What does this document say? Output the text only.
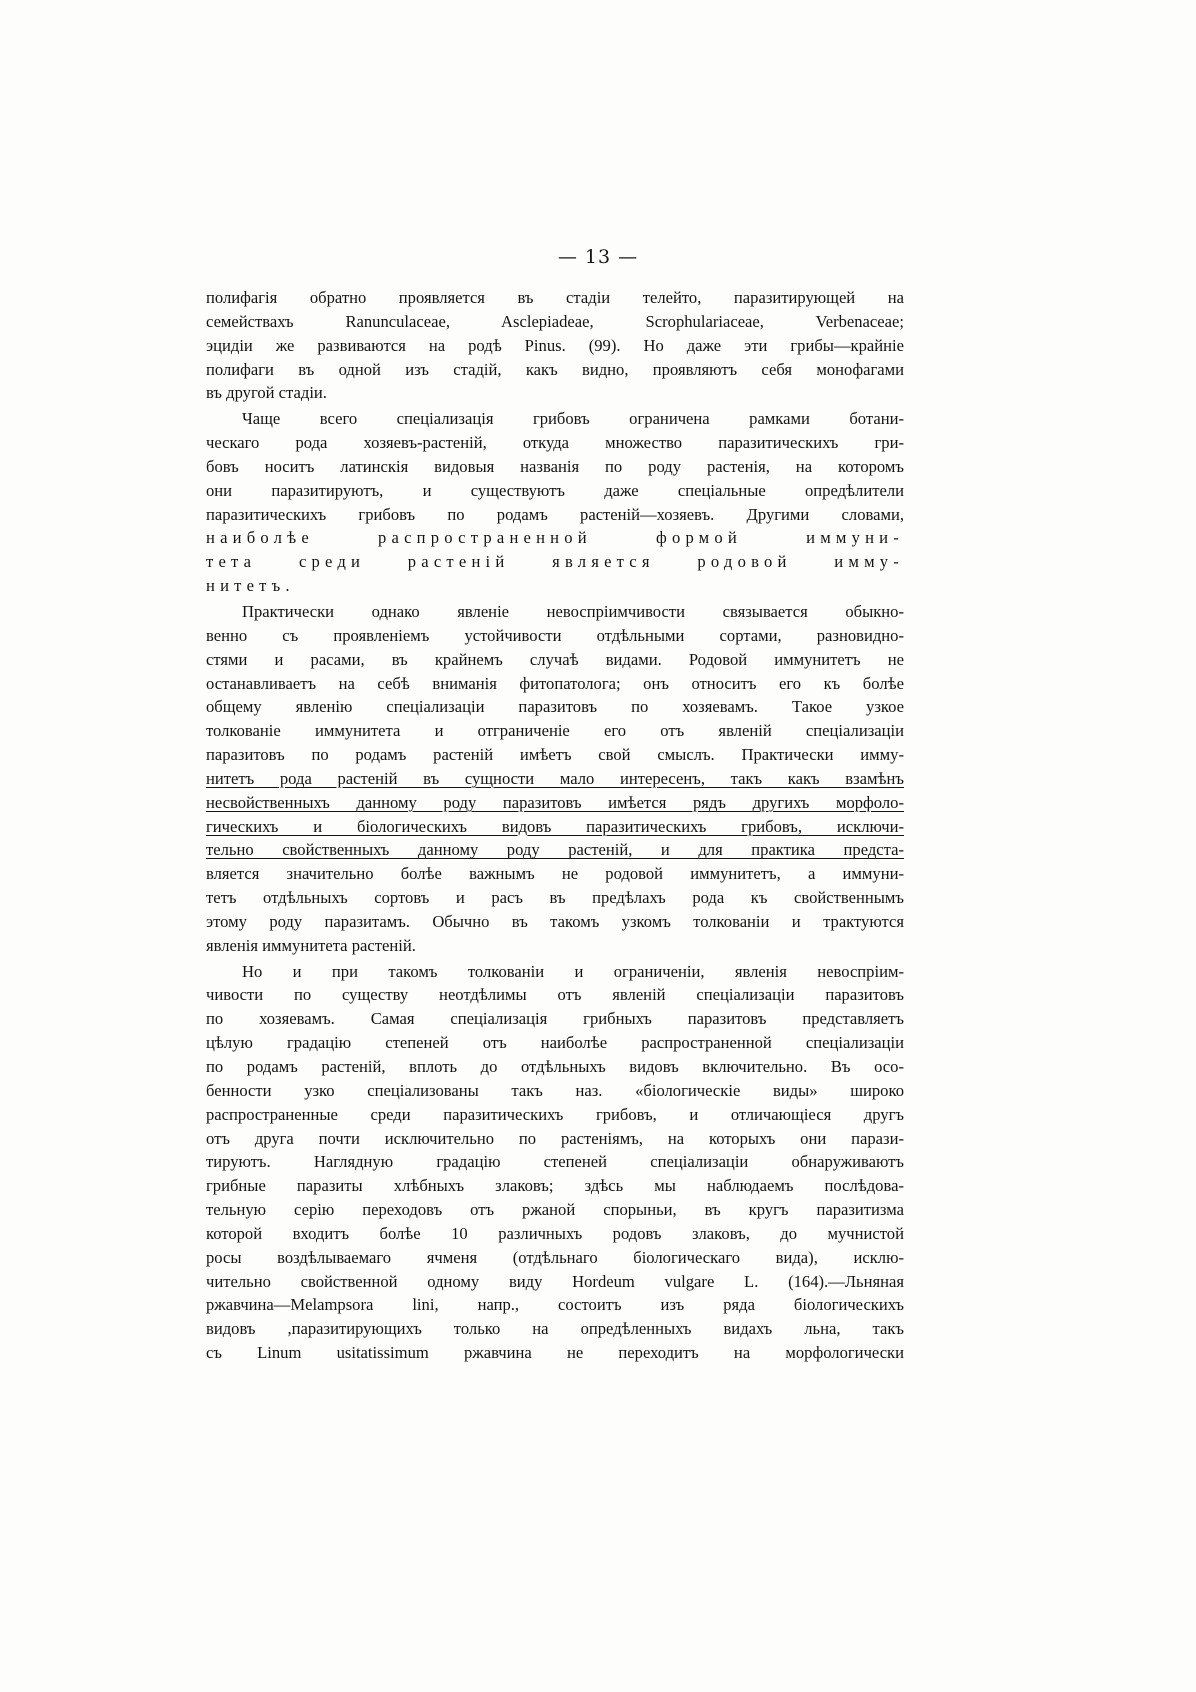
— 13 —
полифагія обратно проявляется въ стадіи телейто, паразитирующей на
семействахъ Ranunculaceae, Asclepiadeae, Scrophulariaceae, Verbenaceae;
эцидіи же развиваются на родѣ Pinus. (99). Но даже эти грибы—крайніе
полифаги въ одной изъ стадій, какъ видно, проявляютъ себя монофагами
въ другой стадіи.
Чаще всего спеціализація грибовъ ограничена рамками ботани-
ческаго рода хозяевъ-растеній, откуда множество паразитическихъ гри-
бовъ носитъ латинскія видовыя названія по роду растенія, на которомъ
они паразитируютъ, и существуютъ даже спеціальные опредѣлители
паразитическихъ грибовъ по родамъ растеній—хозяевъ. Другими словами,
наиболѣе распространенной формой иммуни-
тета среди растеній является родовой иммy-
нитетъ.
Практически однако явленіе невоспріимчивости связывается обыкно-
венно съ проявленіемъ устойчивости отдѣльными сортами, разновидно-
стями и расами, въ крайнемъ случаѣ видами. Родовой иммунитетъ не
останавливаетъ на себѣ вниманія фитопатолога; онъ относитъ его къ болѣе
общему явленію спеціализаціи паразитовъ по хозяевамъ. Такое узкое
толкованіе иммунитета и отграниченіе его отъ явленій спеціализаціи
паразитовъ по родамъ растеній имѣетъ свой смыслъ. Практически иммy-
нитетъ рода растеній въ сущности мало интересенъ, такъ какъ взамѣнъ
несвойственныхъ данному роду паразитовъ имѣется рядъ другихъ морфоло-
гическихъ и біологическихъ видовъ паразитическихъ грибовъ, исключи-
тельно свойственныхъ данному роду растеній, и для практика предста-
вляется значительно болѣе важнымъ не родовой иммунитетъ, а иммуни-
тетъ отдѣльныхъ сортовъ и расъ въ предѣлахъ рода къ свойственнымъ
этому роду паразитамъ. Обычно въ такомъ узкомъ толкованіи и трактуются
явленія иммунитета растеній.
Но и при такомъ толкованіи и ограниченіи, явленія невоспріим-
чивости по существу неотдѣлимы отъ явленій спеціализаціи паразитовъ
по хозяевамъ. Самая спеціализація грибныхъ паразитовъ представляетъ
цѣлую градацію степеней отъ наиболѣе распространенной спеціализаціи
по родамъ растеній, вплоть до отдѣльныхъ видовъ включительно. Въ осо-
бенности узко спеціализованы такъ наз. «біологическіе виды» широко
распространенные среди паразитическихъ грибовъ, и отличающіеся другъ
отъ друга почти исключительно по растеніямъ, на которыхъ они парази-
тируютъ. Наглядную градацію степеней спеціализаціи обнаруживаютъ
грибные паразиты хлѣбныхъ злаковъ; здѣсь мы наблюдаемъ послѣдова-
тельную серію переходовъ отъ ржаной спорыньи, въ кругъ паразитизма
которой входитъ болѣе 10 различныхъ родовъ злаковъ, до мучнистой
росы воздѣлываемаго ячменя (отдѣльнаго біологическаго вида), исклю-
чительно свойственной одному виду Hordeum vulgare L. (164).—Льняная
ржавчина—Melampsora lini, напр., состоитъ изъ ряда біологическихъ
видовъ ,паразитирующихъ только на опредѣленныхъ видахъ льна, такъ
съ Linum usitatissimum ржавчина не переходитъ на морфологически
